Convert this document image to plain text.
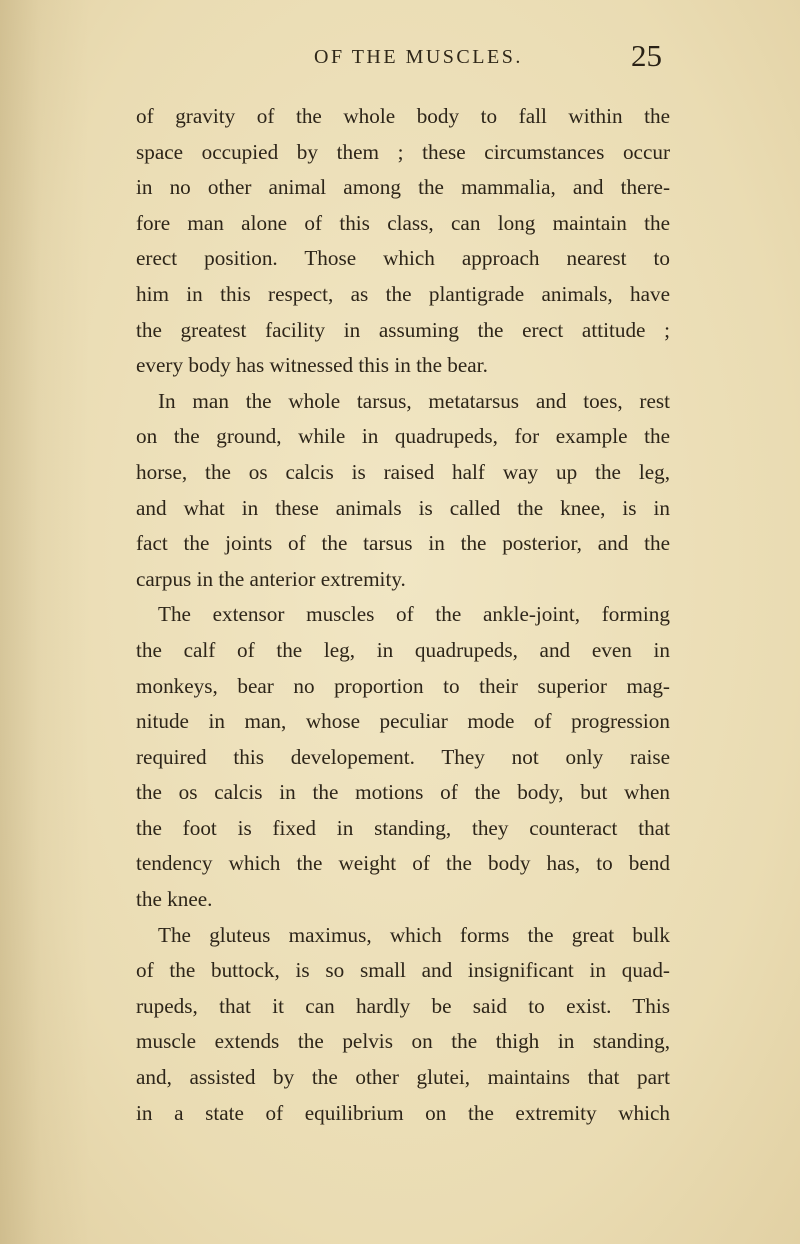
OF THE MUSCLES.	25
of gravity of the whole body to fall within the
space occupied by them ; these circumstances occur
in no other animal among the mammalia, and there-
fore man alone of this class, can long maintain the
erect position. Those which approach nearest to
him in this respect, as the plantigrade animals, have
the greatest facility in assuming the erect attitude ;
every body has witnessed this in the bear.
In man the whole tarsus, metatarsus and toes, rest
on the ground, while in quadrupeds, for example the
horse, the os calcis is raised half way up the leg,
and what in these animals is called the knee, is in
fact the joints of the tarsus in the posterior, and the
carpus in the anterior extremity.
The extensor muscles of the ankle-joint, forming
the calf of the leg, in quadrupeds, and even in
monkeys, bear no proportion to their superior mag-
nitude in man, whose peculiar mode of progression
required this developement. They not only raise
the os calcis in the motions of the body, but when
the foot is fixed in standing, they counteract that
tendency which the weight of the body has, to bend
the knee.
The gluteus maximus, which forms the great bulk
of the buttock, is so small and insignificant in quad-
rupeds, that it can hardly be said to exist. This
muscle extends the pelvis on the thigh in standing,
and, assisted by the other glutei, maintains that part
in a state of equilibrium on the extremity which
